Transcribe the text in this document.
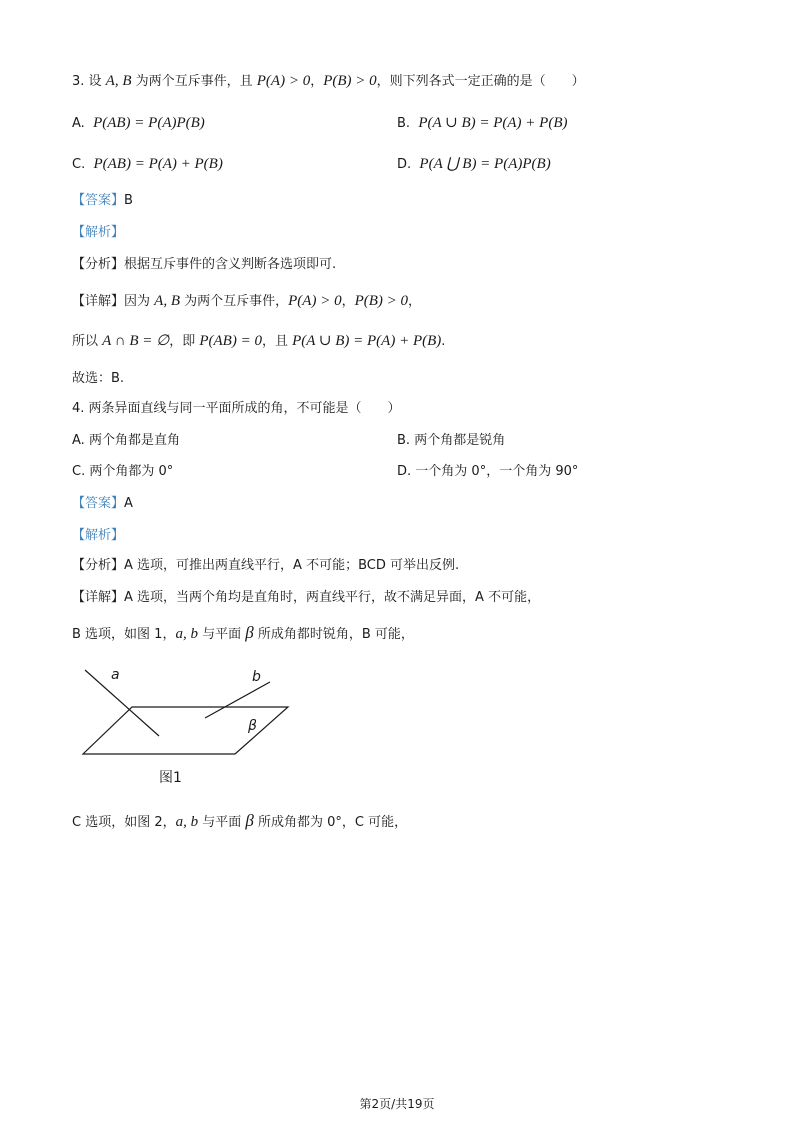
3. 设 A, B 为两个互斥事件，且 P(A) > 0，P(B) > 0，则下列各式一定正确的是（　　）
A. P(AB) = P(A)P(B)	B. P(A ∪ B) = P(A) + P(B)
C. P(AB) = P(A) + P(B)	D. P(A ⋃ B) = P(A)P(B)
【答案】B
【解析】
【分析】根据互斥事件的含义判断各选项即可.
【详解】因为 A, B 为两个互斥事件，P(A) > 0，P(B) > 0，
所以 A ∩ B = ∅，即 P(AB) = 0，且 P(A ∪ B) = P(A) + P(B).
故选：B.
4. 两条异面直线与同一平面所成的角，不可能是（　　）
A. 两个角都是直角	B. 两个角都是锐角
C. 两个角都为 0°	D. 一个角为 0°，一个角为 90°
【答案】A
【解析】
【分析】A 选项，可推出两直线平行，A 不可能；BCD 可举出反例.
【详解】A 选项，当两个角均是直角时，两直线平行，故不满足异面，A 不可能，
B 选项，如图 1，a, b 与平面 β 所成角都时锐角，B 可能，
a	b
β
图1
C 选项，如图 2，a, b 与平面 β 所成角都为 0°，C 可能，
第2页/共19页
